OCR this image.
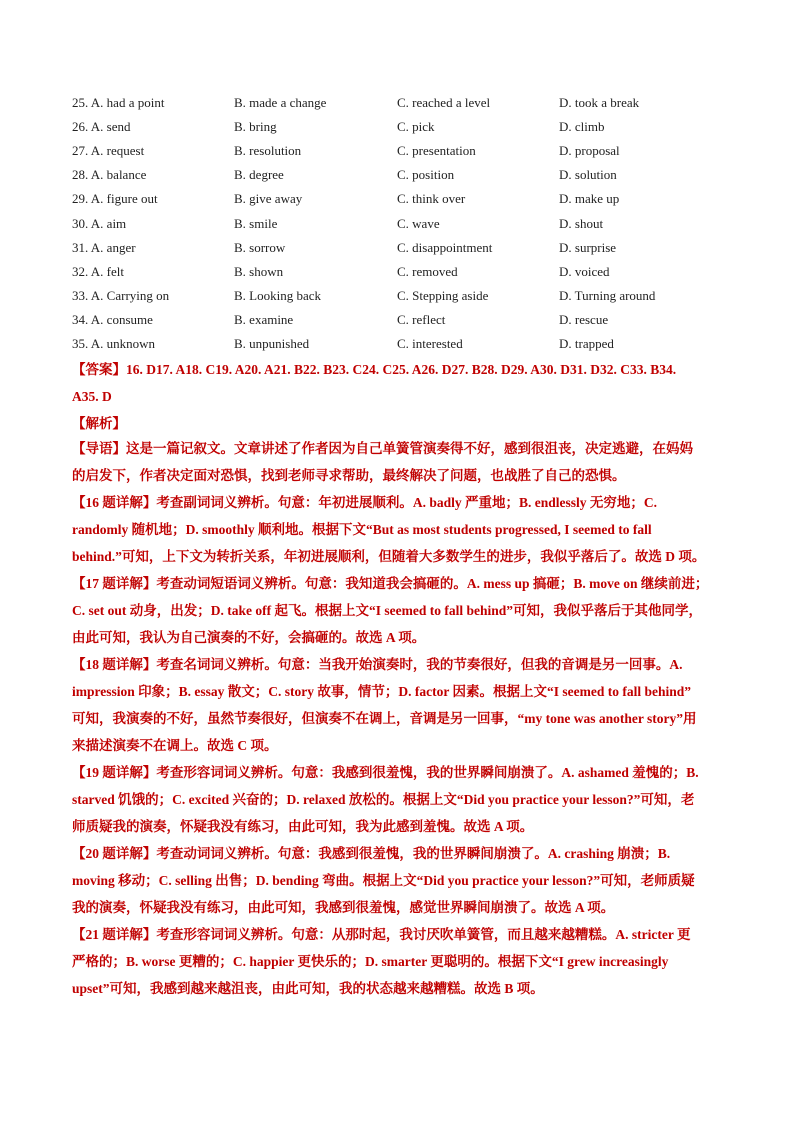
25. A. had a point	B. made a change	C. reached a level	D. took a break
26. A. send	B. bring	C. pick	D. climb
27. A. request	B. resolution	C. presentation	D. proposal
28. A. balance	B. degree	C. position	D. solution
29. A. figure out	B. give away	C. think over	D. make up
30. A. aim	B. smile	C. wave	D. shout
31. A. anger	B. sorrow	C. disappointment	D. surprise
32. A. felt	B. shown	C. removed	D. voiced
33. A. Carrying on	B. Looking back	C. Stepping aside	D. Turning around
34. A. consume	B. examine	C. reflect	D. rescue
35. A. unknown	B. unpunished	C. interested	D. trapped
【答案】16. D17. A18. C19. A20. A21. B22. B23. C24. C25. A26. D27. B28. D29. A30. D31. D32. C33. B34.
A35. D
【解析】
【导语】这是一篇记叙文。文章讲述了作者因为自己单簧管演奏得不好，感到很沮丧，决定逃避，在妈妈
的启发下，作者决定面对恐惧，找到老师寻求帮助，最终解决了问题，也战胜了自己的恐惧。
【16 题详解】考查副词词义辨析。句意：年初进展顺利。A. badly 严重地；B. endlessly 无穷地；C.
randomly 随机地；D. smoothly 顺利地。根据下文“But as most students progressed, I seemed to fall
behind.”可知，上下文为转折关系，年初进展顺利，但随着大多数学生的进步，我似乎落后了。故选 D 项。
【17 题详解】考查动词短语词义辨析。句意：我知道我会搞砸的。A. mess up 搞砸；B. move on 继续前进；
C. set out 动身，出发；D. take off 起飞。根据上文“I seemed to fall behind”可知，我似乎落后于其他同学，
由此可知，我认为自己演奏的不好，会搞砸的。故选 A 项。
【18 题详解】考查名词词义辨析。句意：当我开始演奏时，我的节奏很好，但我的音调是另一回事。A.
impression 印象；B. essay 散文；C. story 故事，情节；D. factor 因素。根据上文“I seemed to fall behind”
可知，我演奏的不好，虽然节奏很好，但演奏不在调上，音调是另一回事，“my tone was another story”用
来描述演奏不在调上。故选 C 项。
【19 题详解】考查形容词词义辨析。句意：我感到很羞愧，我的世界瞬间崩溃了。A. ashamed 羞愧的；B.
starved 饥饿的；C. excited 兴奋的；D. relaxed 放松的。根据上文“Did you practice your lesson?”可知，老
师质疑我的演奏，怀疑我没有练习，由此可知，我为此感到羞愧。故选 A 项。
【20 题详解】考查动词词义辨析。句意：我感到很羞愧，我的世界瞬间崩溃了。A. crashing 崩溃；B.
moving 移动；C. selling 出售；D. bending 弯曲。根据上文“Did you practice your lesson?”可知，老师质疑
我的演奏，怀疑我没有练习，由此可知，我感到很羞愧，感觉世界瞬间崩溃了。故选 A 项。
【21 题详解】考查形容词词义辨析。句意：从那时起，我讨厌吹单簧管，而且越来越糟糕。A. stricter 更
严格的；B. worse 更糟的；C. happier 更快乐的；D. smarter 更聪明的。根据下文“I grew increasingly
upset”可知，我感到越来越沮丧，由此可知，我的状态越来越糟糕。故选 B 项。
